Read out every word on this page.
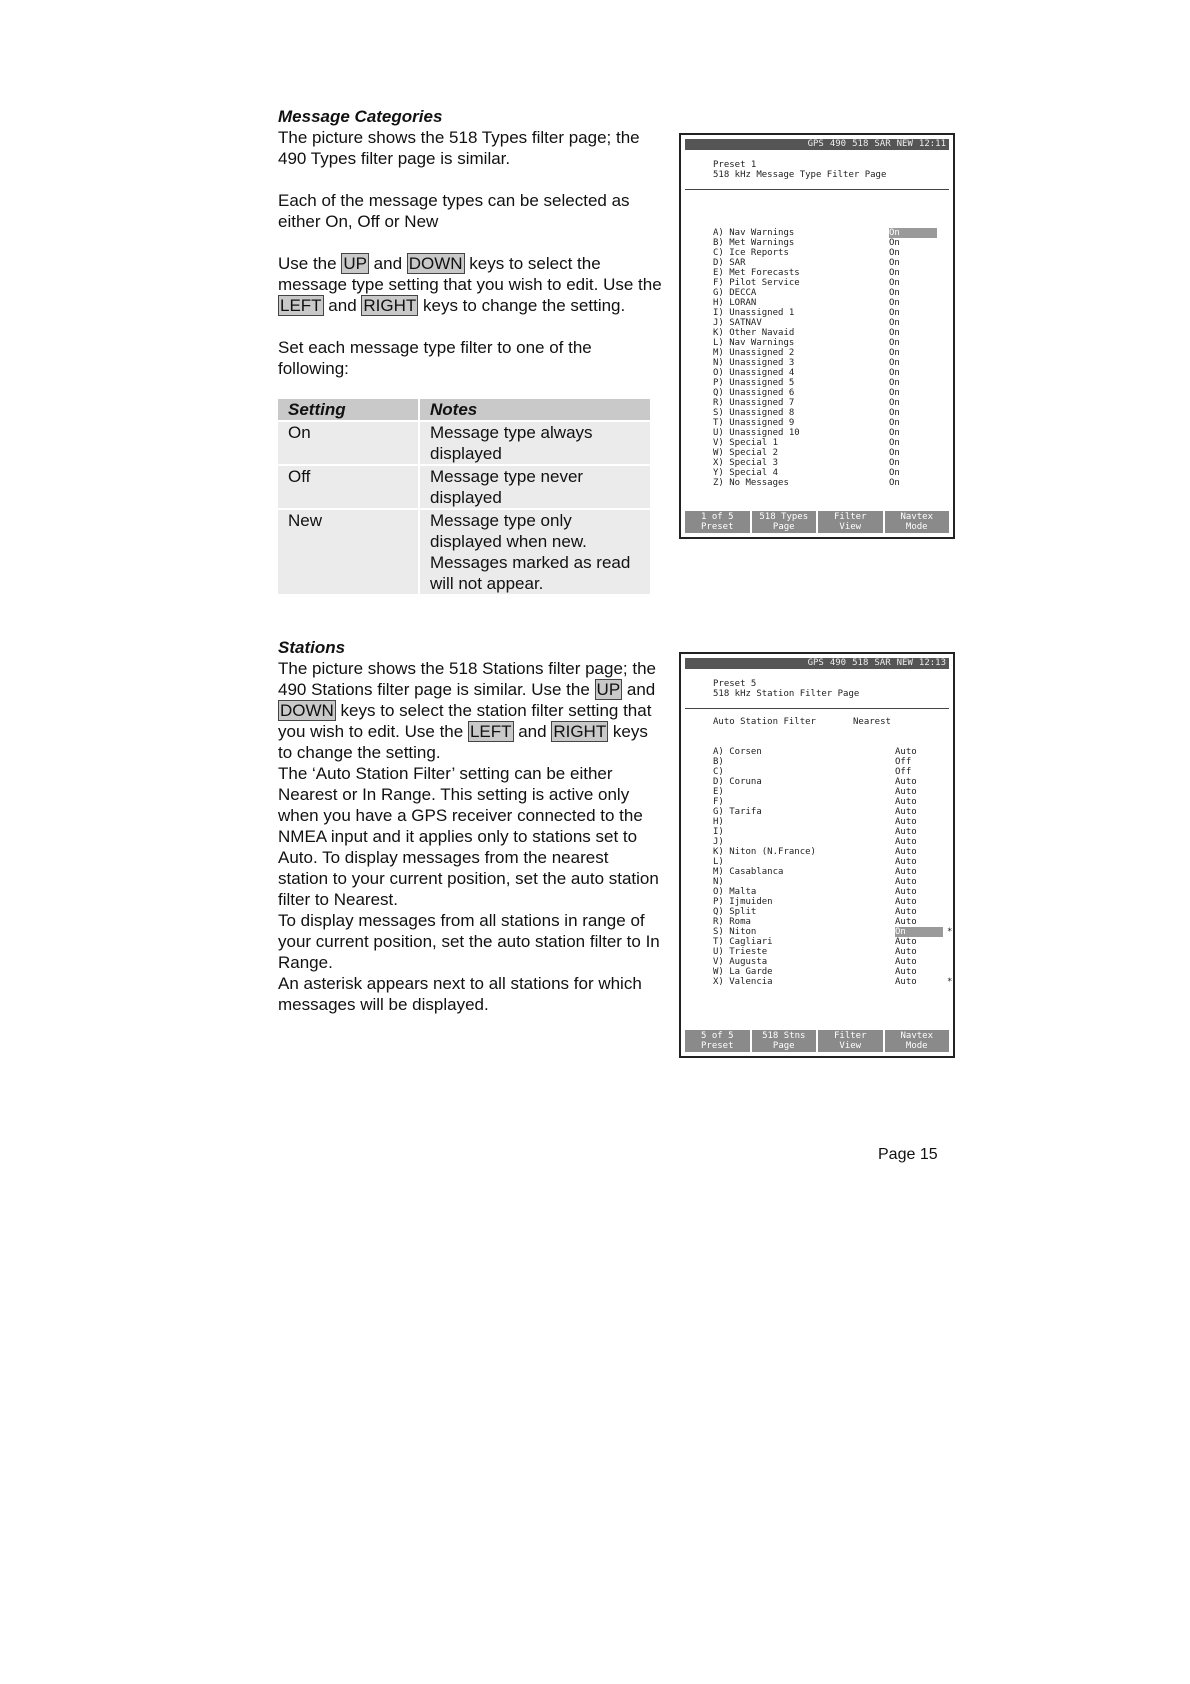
Message Categories

The picture shows the 518 Types filter page; the 490 Types filter page is similar.

Each of the message types can be selected as either On, Off or New

Use the UP and DOWN keys to select the message type setting that you wish to edit. Use the LEFT and RIGHT keys to change the setting.

Set each message type filter to one of the following:

Setting	Notes
On	Message type always displayed
Off	Message type never displayed
New	Message type only displayed when new. Messages marked as read will not appear.
Stations

The picture shows the 518 Stations filter page; the 490 Stations filter page is similar. Use the UP and DOWN keys to select the station filter setting that you wish to edit. Use the LEFT and RIGHT keys to change the setting.

The ‘Auto Station Filter’ setting can be either Nearest or In Range. This setting is active only when you have a GPS receiver connected to the NMEA input and it applies only to stations set to Auto. To display messages from the nearest station to your current position, set the auto station filter to Nearest.

To display messages from all stations in range of your current position, set the auto station filter to In Range.

An asterisk appears next to all stations for which messages will be displayed.

GPS 490 518 SAR NEW 12:11
Preset 1
518 kHz Message Type Filter Page
A) Nav Warnings	On
B) Met Warnings	On
C) Ice Reports	On
D) SAR	On
E) Met Forecasts	On
F) Pilot Service	On
G) DECCA	On
H) LORAN	On
I) Unassigned 1	On
J) SATNAV	On
K) Other Navaid	On
L) Nav Warnings	On
M) Unassigned 2	On
N) Unassigned 3	On
O) Unassigned 4	On
P) Unassigned 5	On
Q) Unassigned 6	On
R) Unassigned 7	On
S) Unassigned 8	On
T) Unassigned 9	On
U) Unassigned 10	On
V) Special 1	On
W) Special 2	On
X) Special 3	On
Y) Special 4	On
Z) No Messages	On
1 of 5
Preset
518 Types
Page
Filter
View
Navtex
Mode
GPS 490 518 SAR NEW 12:13
Preset 5
518 kHz Station Filter Page
Auto Station Filter	Nearest
A) Corsen	Auto
B)	Off
C)	Off
D) Coruna	Auto
E)	Auto
F)	Auto
G) Tarifa	Auto
H)	Auto
I)	Auto
J)	Auto
K) Niton (N.France)	Auto
L)	Auto
M) Casablanca	Auto
N)	Auto
O) Malta	Auto
P) Ijmuiden	Auto
Q) Split	Auto
R) Roma	Auto
S) Niton	On	*
T) Cagliari	Auto
U) Trieste	Auto
V) Augusta	Auto
W) La Garde	Auto
X) Valencia	Auto	*
5 of 5
Preset
518 Stns
Page
Filter
View
Navtex
Mode
Page 15
